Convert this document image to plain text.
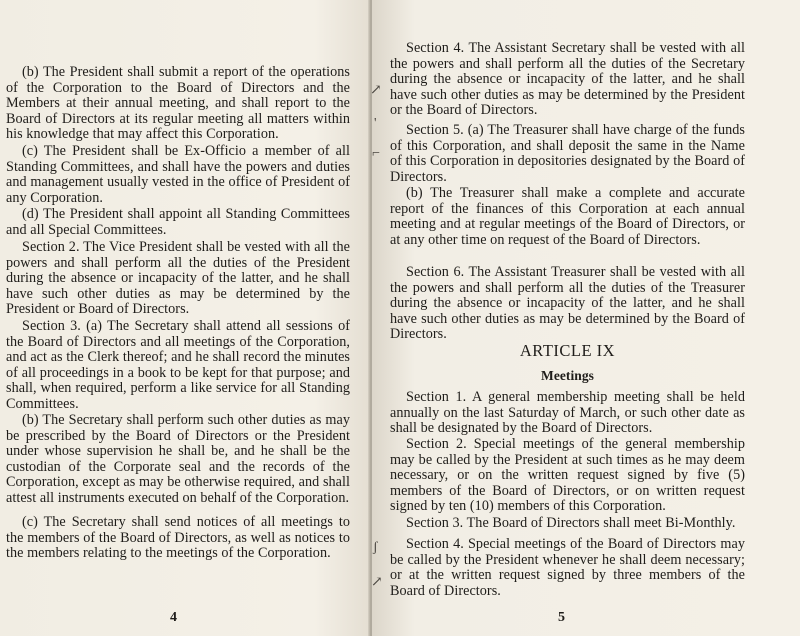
(b) The President shall submit a report of the operations of the Corporation to the Board of Directors and the Members at their annual meeting, and shall report to the Board of Directors at its regular meeting all matters within his knowledge that may affect this Corporation.

(c) The President shall be Ex-Officio a member of all Standing Committees, and shall have the powers and duties and management usually vested in the office of President of any Corporation.

(d) The President shall appoint all Standing Committees and all Special Committees.

Section 2. The Vice President shall be vested with all the powers and shall perform all the duties of the President during the absence or incapacity of the latter, and he shall have such other duties as may be determined by the President or Board of Directors.

Section 3. (a) The Secretary shall attend all sessions of the Board of Directors and all meetings of the Corporation, and act as the Clerk thereof; and he shall record the minutes of all proceedings in a book to be kept for that purpose; and shall, when required, perform a like service for all Standing Committees.

(b) The Secretary shall perform such other duties as may be prescribed by the Board of Directors or the President under whose supervision he shall be, and he shall be the custodian of the Corporate seal and the records of the Corporation, except as may be otherwise required, and shall attest all instruments executed on behalf of the Corporation.

(c) The Secretary shall send notices of all meetings to the members of the Board of Directors, as well as notices to the members relating to the meetings of the Corporation.

4
↗
'
⌐
ʃ
↗

Section 4. The Assistant Secretary shall be vested with all the powers and shall perform all the duties of the Secretary during the absence or incapacity of the latter, and he shall have such other duties as may be determined by the President or the Board of Directors.

Section 5. (a) The Treasurer shall have charge of the funds of this Corporation, and shall deposit the same in the Name of this Corporation in depositories designated by the Board of Directors.

(b) The Treasurer shall make a complete and accurate report of the finances of this Corporation at each annual meeting and at regular meetings of the Board of Directors, or at any other time on request of the Board of Directors.

Section 6. The Assistant Treasurer shall be vested with all the powers and shall perform all the duties of the Treasurer during the absence or incapacity of the latter, and he shall have such other duties as may be determined by the Board of Directors.

ARTICLE IX

Meetings

Section 1. A general membership meeting shall be held annually on the last Saturday of March, or such other date as shall be designated by the Board of Directors.

Section 2. Special meetings of the general membership may be called by the President at such times as he may deem necessary, or on the written request signed by five (5) members of the Board of Directors, or on written request signed by ten (10) members of this Corporation.

Section 3. The Board of Directors shall meet Bi-Monthly.

Section 4. Special meetings of the Board of Directors may be called by the President whenever he shall deem necessary; or at the written request signed by three members of the Board of Directors.

5
